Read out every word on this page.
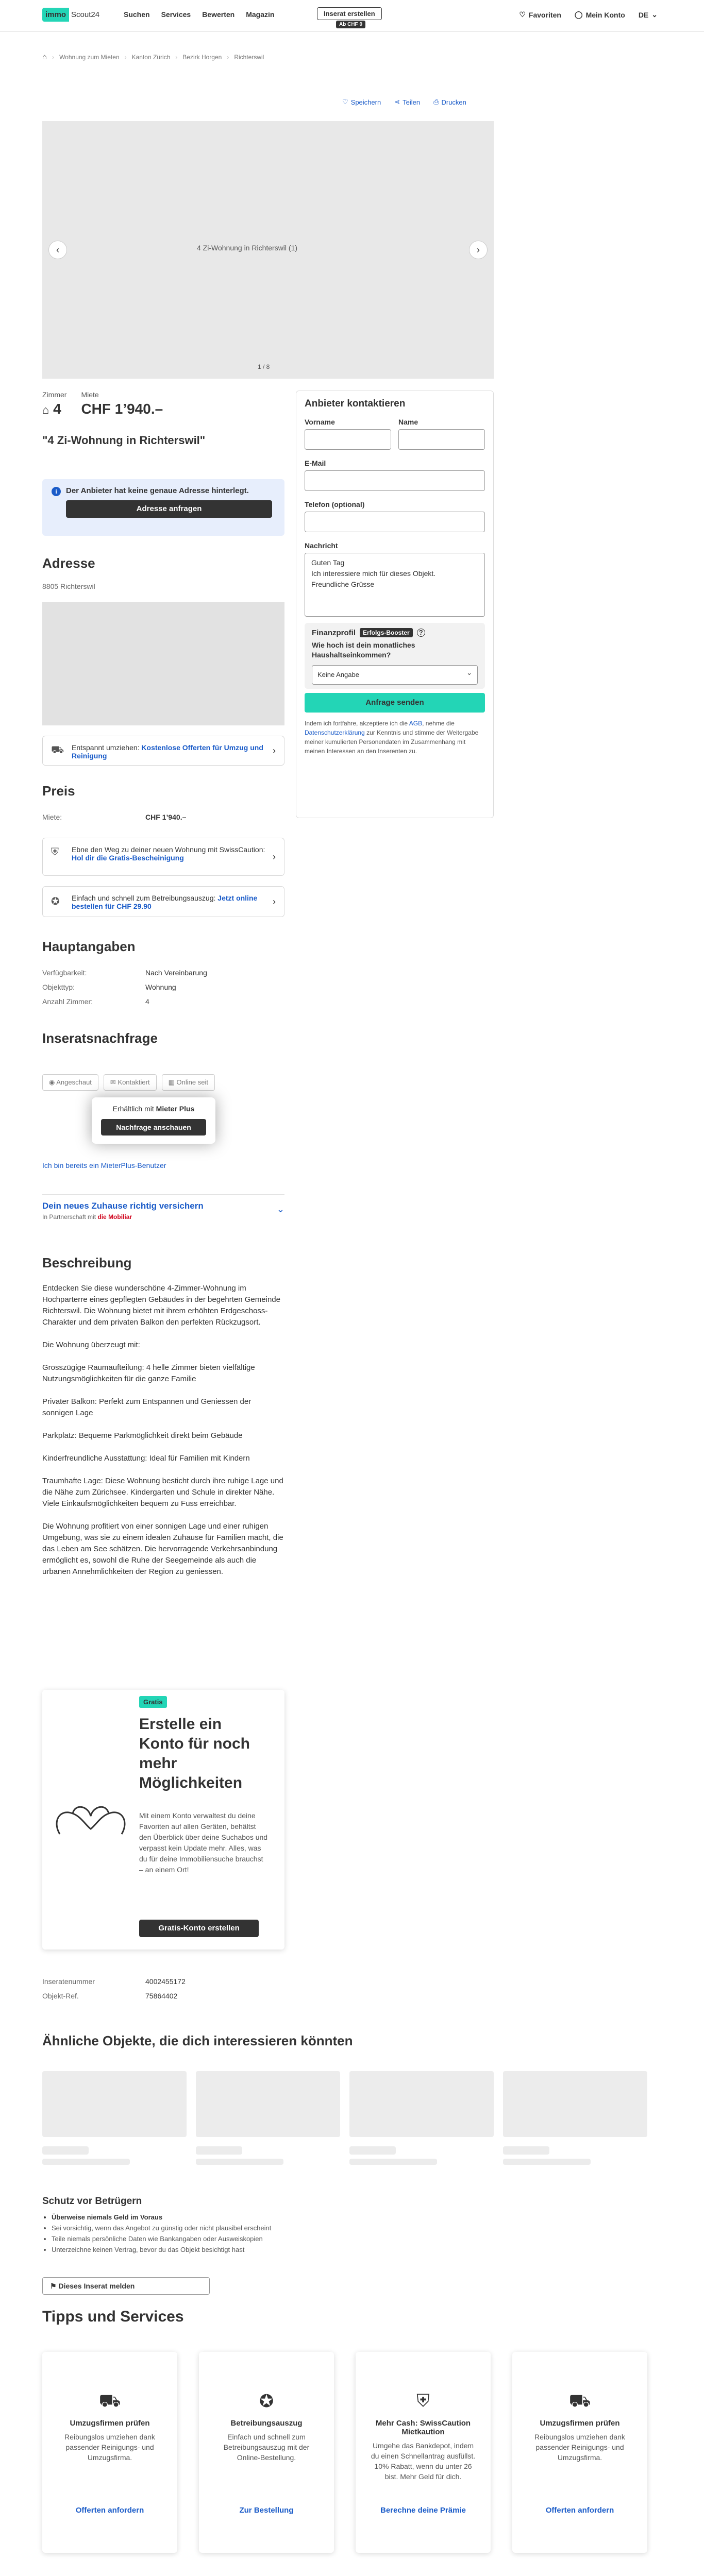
immo Scout24	Suchen Services Bewerten Magazin	Inserat erstellen
Ab CHF 0
♡ Favoriten ◯ Mein Konto DE ⌄
⌂ › Wohnung zum Mieten › Kanton Zürich › Bezirk Horgen › Richterswil
♡ Speichern ⋖ Teilen ⎙ Drucken
4 Zi-Wohnung in Richterswil (1)
‹	›
1 / 8
Zimmer
⌂ 4
Miete
CHF 1’940.–
"4 Zi-Wohnung in Richterswil"
i Der Anbieter hat keine genaue Adresse hinterlegt.
Adresse anfragen
Adresse
8805 Richterswil
⛟ Entspannt umziehen: Kostenlose Offerten für Umzug und Reinigung	›
Preis
Miete:	CHF 1’940.–
⛨	Ebne den Weg zu deiner neuen Wohnung mit SwissCaution: Hol dir die Gratis-Bescheinigung	›
✪	Einfach und schnell zum Betreibungsauszug: Jetzt online bestellen für CHF 29.90	›
Hauptangaben
Verfügbarkeit:	Nach Vereinbarung
Objekttyp:	Wohnung
Anzahl Zimmer:	4
Inseratsnachfrage
◉ Angeschaut	✉ Kontaktiert	▦ Online seit
Erhältlich mit Mieter Plus
Nachfrage anschauen
Ich bin bereits ein MieterPlus-Benutzer
Dein neues Zuhause richtig versichern
In Partnerschaft mit die Mobiliar
⌄
Beschreibung

Entdecken Sie diese wunderschöne 4-Zimmer-Wohnung im Hochparterre eines gepflegten Gebäudes in der begehrten Gemeinde Richterswil. Die Wohnung bietet mit ihrem erhöhten Erdgeschoss-Charakter und dem privaten Balkon den perfekten Rückzugsort.

Die Wohnung überzeugt mit:

Grosszügige Raumaufteilung: 4 helle Zimmer bieten vielfältige Nutzungsmöglichkeiten für die ganze Familie

Privater Balkon: Perfekt zum Entspannen und Geniessen der sonnigen Lage

Parkplatz: Bequeme Parkmöglichkeit direkt beim Gebäude

Kinderfreundliche Ausstattung: Ideal für Familien mit Kindern

Traumhafte Lage: Diese Wohnung besticht durch ihre ruhige Lage und die Nähe zum Zürichsee. Kindergarten und Schule in direkter Nähe. Viele Einkaufsmöglichkeiten bequem zu Fuss erreichbar.

Die Wohnung profitiert von einer sonnigen Lage und einer ruhigen Umgebung, was sie zu einem idealen Zuhause für Familien macht, die das Leben am See schätzen. Die hervorragende Verkehrsanbindung ermöglicht es, sowohl die Ruhe der Seegemeinde als auch die urbanen Annehmlichkeiten der Region zu geniessen.

Gratis
Erstelle ein Konto für noch mehr Möglichkeiten
Mit einem Konto verwaltest du deine Favoriten auf allen Geräten, behältst den Überblick über deine Suchabos und verpasst kein Update mehr. Alles, was du für deine Immobiliensuche brauchst – an einem Ort!
Gratis-Konto erstellen
Inseratenummer	4002455172
Objekt-Ref.	75864402
Anbieter kontaktieren
Vorname	Name
E-Mail
Telefon (optional)
Nachricht
Guten Tag
Ich interessiere mich für dieses Objekt.
Freundliche Grüsse
Finanzprofil	Erfolgs-Booster	?
Wie hoch ist dein monatliches Haushaltseinkommen?
Keine Angabe ⌄
Anfrage senden
Indem ich fortfahre, akzeptiere ich die AGB, nehme die Datenschutzerklärung zur Kenntnis und stimme der Weitergabe meiner kumulierten Personendaten im Zusammenhang mit meinen Interessen an den Inserenten zu.
Ähnliche Objekte, die dich interessieren könnten
Schutz vor Betrügern
• Überweise niemals Geld im Voraus
• Sei vorsichtig, wenn das Angebot zu günstig oder nicht plausibel erscheint
• Teile niemals persönliche Daten wie Bankangaben oder Ausweiskopien
• Unterzeichne keinen Vertrag, bevor du das Objekt besichtigt hast
⚑ Dieses Inserat melden
Tipps und Services
⛟
Umzugsfirmen prüfen
Reibungslos umziehen dank passender Reinigungs- und Umzugsfirma.
Offerten anfordern
✪
Betreibungsauszug
Einfach und schnell zum Betreibungsauszug mit der Online-Bestellung.
Zur Bestellung
⛨
Mehr Cash: SwissCaution Mietkaution
Umgehe das Bankdepot, indem du einen Schnellantrag ausfüllst. 10% Rabatt, wenn du unter 26 bist. Mehr Geld für dich.
Berechne deine Prämie
⛟
Umzugsfirmen prüfen
Reibungslos umziehen dank passender Reinigungs- und Umzugsfirma.
Offerten anfordern
